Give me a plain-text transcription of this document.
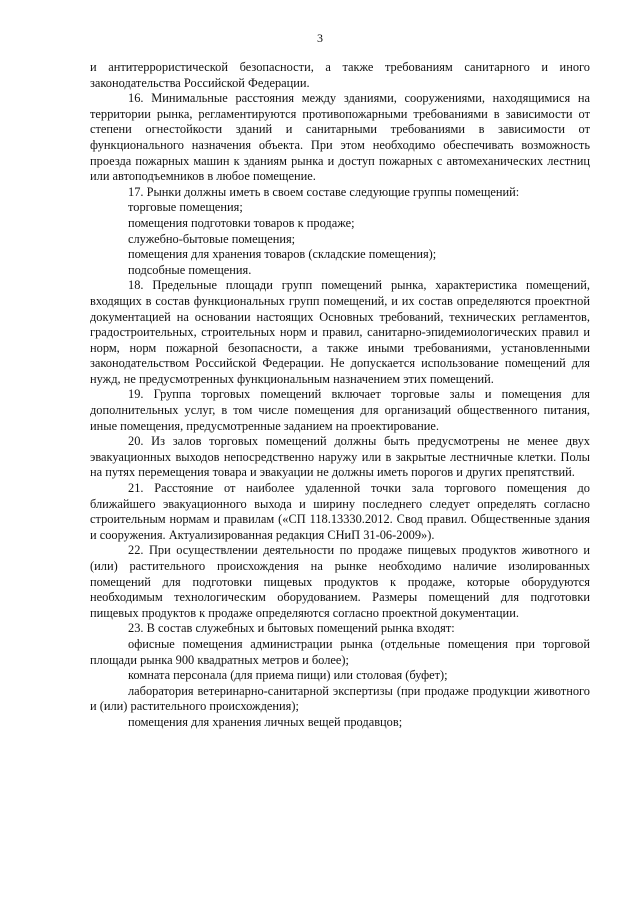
3

и антитеррористической безопасности, а также требованиям санитарного и иного законодательства Российской Федерации.

16. Минимальные расстояния между зданиями, сооружениями, находящимися на территории рынка, регламентируются противопожарными требованиями в зависимости от степени огнестойкости зданий и санитарными требованиями в зависимости от функционального назначения объекта. При этом необходимо обеспечивать возможность проезда пожарных машин к зданиям рынка и доступ пожарных с автомеханических лестниц или автоподъемников в любое помещение.

17. Рынки должны иметь в своем составе следующие группы помещений:

торговые помещения;

помещения подготовки товаров к продаже;

служебно-бытовые помещения;

помещения для хранения товаров (складские помещения);

подсобные помещения.

18. Предельные площади групп помещений рынка, характеристика помещений, входящих в состав функциональных групп помещений, и их состав определяются проектной документацией на основании настоящих Основных требований, технических регламентов, градостроительных, строительных норм и правил, санитарно-эпидемиологических правил и норм, норм пожарной безопасности, а также иными требованиями, установленными законодательством Российской Федерации. Не допускается использование помещений для нужд, не предусмотренных функциональным назначением этих помещений.

19. Группа торговых помещений включает торговые залы и помещения для дополнительных услуг, в том числе помещения для организаций общественного питания, иные помещения, предусмотренные заданием на проектирование.

20. Из залов торговых помещений должны быть предусмотрены не менее двух эвакуационных выходов непосредственно наружу или в закрытые лестничные клетки. Полы на путях перемещения товара и эвакуации не должны иметь порогов и других препятствий.

21. Расстояние от наиболее удаленной точки зала торгового помещения до ближайшего эвакуационного выхода и ширину последнего следует определять согласно строительным нормам и правилам («СП 118.13330.2012. Свод правил. Общественные здания и сооружения. Актуализированная редакция СНиП 31-06-2009»).

22. При осуществлении деятельности по продаже пищевых продуктов животного и (или) растительного происхождения на рынке необходимо наличие изолированных помещений для подготовки пищевых продуктов к продаже, которые оборудуются необходимым технологическим оборудованием. Размеры помещений для подготовки пищевых продуктов к продаже определяются согласно проектной документации.

23. В состав служебных и бытовых помещений рынка входят:

офисные помещения администрации рынка (отдельные помещения при торговой площади рынка 900 квадратных метров и более);

комната персонала (для приема пищи) или столовая (буфет);

лаборатория ветеринарно-санитарной экспертизы (при продаже продукции животного и (или) растительного происхождения);

помещения для хранения личных вещей продавцов;
